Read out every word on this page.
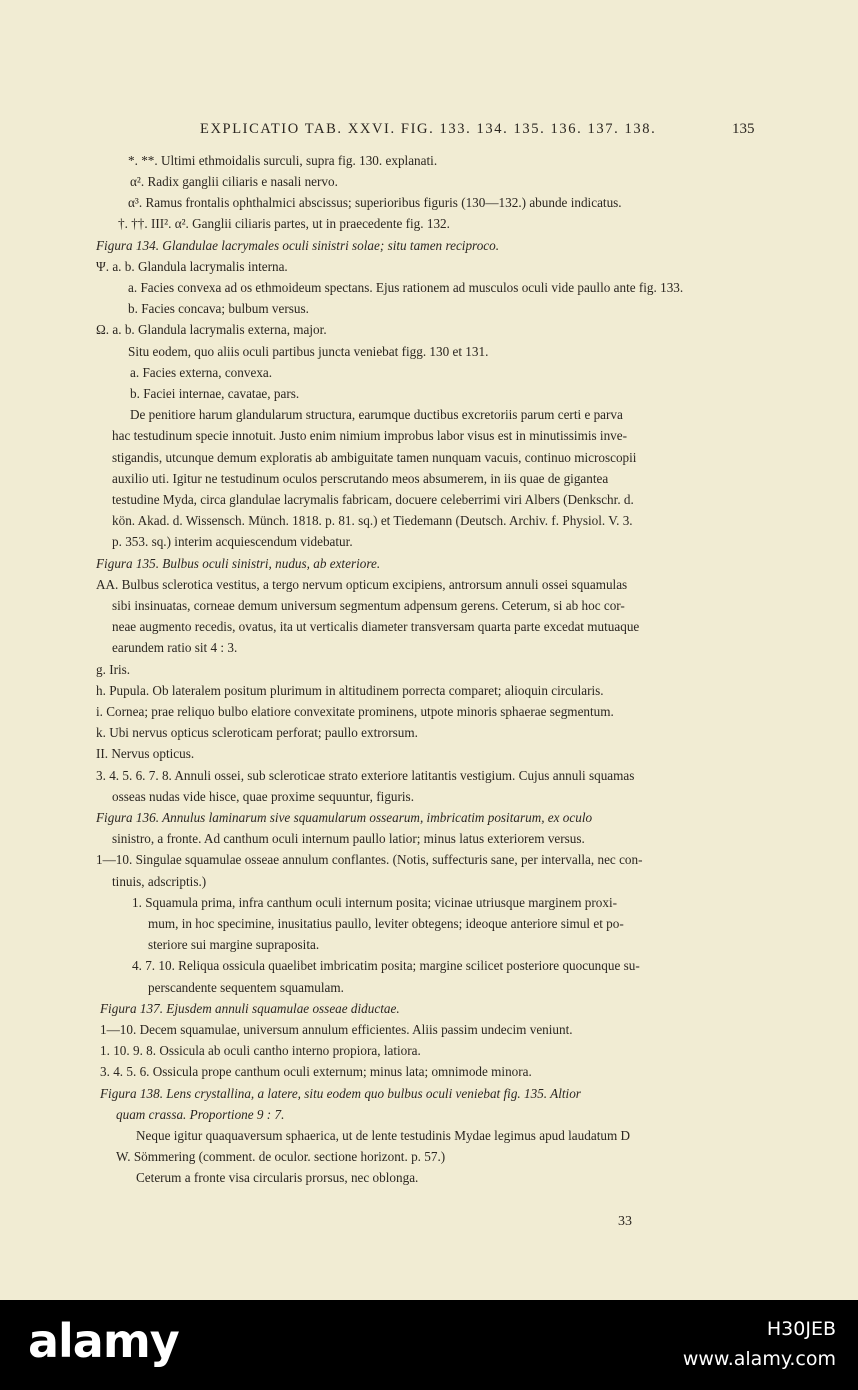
EXPLICATIO TAB. XXVI. FIG. 133. 134. 135. 136. 137. 138.	135
*. **. Ultimi ethmoidalis surculi, supra fig. 130. explanati.
α². Radix ganglii ciliaris e nasali nervo.
α³. Ramus frontalis ophthalmici abscissus; superioribus figuris (130—132.) abunde indicatus.
†. ††. III². α². Ganglii ciliaris partes, ut in praecedente fig. 132.
Figura 134. Glandulae lacrymales oculi sinistri solae; situ tamen reciproco.
Ψ. a. b. Glandula lacrymalis interna.
a. Facies convexa ad os ethmoideum spectans. Ejus rationem ad musculos oculi vide paullo ante fig. 133.
b. Facies concava; bulbum versus.
Ω. a. b. Glandula lacrymalis externa, major.
Situ eodem, quo aliis oculi partibus juncta veniebat figg. 130 et 131.
a. Facies externa, convexa.
b. Faciei internae, cavatae, pars.
De penitiore harum glandularum structura, earumque ductibus excretoriis parum certi e parva
hac testudinum specie innotuit. Justo enim nimium improbus labor visus est in minutissimis inve-
stigandis, utcunque demum exploratis ab ambiguitate tamen nunquam vacuis, continuo microscopii
auxilio uti. Igitur ne testudinum oculos perscrutando meos absumerem, in iis quae de gigantea
testudine Myda, circa glandulae lacrymalis fabricam, docuere celeberrimi viri Albers (Denkschr. d.
kön. Akad. d. Wissensch. Münch. 1818. p. 81. sq.) et Tiedemann (Deutsch. Archiv. f. Physiol. V. 3.
p. 353. sq.) interim acquiescendum videbatur.
Figura 135. Bulbus oculi sinistri, nudus, ab exteriore.
AA. Bulbus sclerotica vestitus, a tergo nervum opticum excipiens, antrorsum annuli ossei squamulas
sibi insinuatas, corneae demum universum segmentum adpensum gerens. Ceterum, si ab hoc cor-
neae augmento recedis, ovatus, ita ut verticalis diameter transversam quarta parte excedat mutuaque
earundem ratio sit 4 : 3.
g. Iris.
h. Pupula. Ob lateralem positum plurimum in altitudinem porrecta comparet; alioquin circularis.
i. Cornea; prae reliquo bulbo elatiore convexitate prominens, utpote minoris sphaerae segmentum.
k. Ubi nervus opticus scleroticam perforat; paullo extrorsum.
II. Nervus opticus.
3. 4. 5. 6. 7. 8. Annuli ossei, sub scleroticae strato exteriore latitantis vestigium. Cujus annuli squamas
osseas nudas vide hisce, quae proxime sequuntur, figuris.
Figura 136. Annulus laminarum sive squamularum ossearum, imbricatim positarum, ex oculo
sinistro, a fronte. Ad canthum oculi internum paullo latior; minus latus exteriorem versus.
1—10. Singulae squamulae osseae annulum conflantes. (Notis, suffecturis sane, per intervalla, nec con-
tinuis, adscriptis.)
1. Squamula prima, infra canthum oculi internum posita; vicinae utriusque marginem proxi-
mum, in hoc specimine, inusitatius paullo, leviter obtegens; ideoque anteriore simul et po-
steriore sui margine supraposita.
4. 7. 10. Reliqua ossicula quaelibet imbricatim posita; margine scilicet posteriore quocunque su-
perscandente sequentem squamulam.
Figura 137. Ejusdem annuli squamulae osseae diductae.
1—10. Decem squamulae, universum annulum efficientes. Aliis passim undecim veniunt.
1. 10. 9. 8. Ossicula ab oculi cantho interno propiora, latiora.
3. 4. 5. 6. Ossicula prope canthum oculi externum; minus lata; omnimode minora.
Figura 138. Lens crystallina, a latere, situ eodem quo bulbus oculi veniebat fig. 135. Altior
quam crassa. Proportione 9 : 7.
Neque igitur quaquaversum sphaerica, ut de lente testudinis Mydae legimus apud laudatum D
W. Sömmering (comment. de oculor. sectione horizont. p. 57.)
Ceterum a fronte visa circularis prorsus, nec oblonga.
33
alamy	H30JEB
www.alamy.com
